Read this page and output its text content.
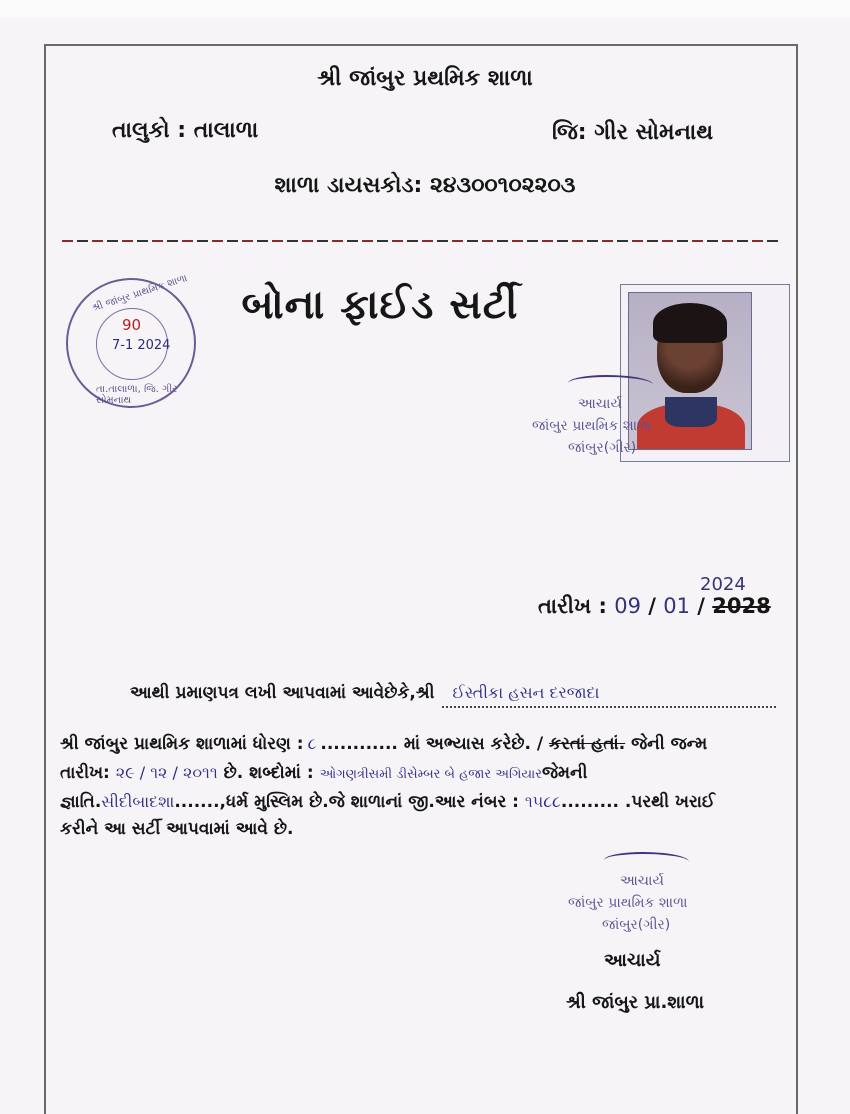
શ્રી જાંબુર પ્રથમિક શાળા
તાલુકો : તાલાળા	જિ: ગીર સોમનાથ
શાળા ડાયસકોડ: ૨૪૩૦૦૧૦૨૨૦૩
બોના ફાઈડ સર્ટી
શ્રી જાંબુર પ્રાથમિક શાળા
90
7-1 2024
તા.તાલાળા, જિ. ગીર સોમનાથ	આચાર્ય
જાંબુર પ્રાથમિક શાળા
જાંબુર(ગીર)
2024
તારીખ : 09 / 01 / 2028
આથી પ્રમાણપત્ર લખી આપવામાં આવેછેકે,શ્રી ઈસ્તીકા હસન દરજાદા
શ્રી જાંબુર પ્રાથમિક શાળામાં ધોરણ : ૮ ............ માં અભ્યાસ કરેછે. / કરતાં હતાં. જેની જન્મ
તારીખ: ૨૯ / ૧૨ / ૨૦૧૧ છે. શબ્દોમાં : ઓગણત્રીસમી ડીસેમ્બર બે હજાર અગિયારજેમની
જ્ઞાતિ.સીદીબાદશા.......,ધર્મ મુસ્લિમ છે.જે શાળાનાં જી.આર નંબર : ૧૫૮૮......... .પરથી ખરાઈ
કરીને આ સર્ટી આપવામાં આવે છે.
આચાર્ય
જાંબુર પ્રાથમિક શાળા
જાંબુર(ગીર)
આચાર્ય
શ્રી જાંબુર પ્રા.શાળા
